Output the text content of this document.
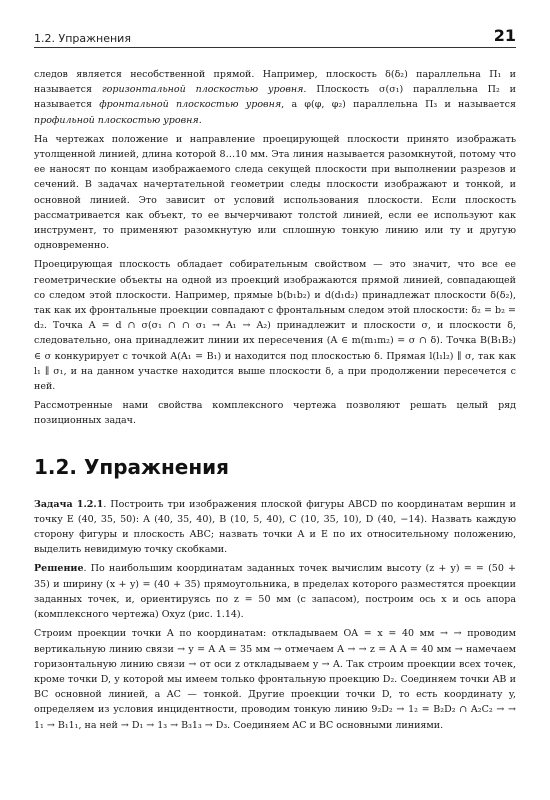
1.2. Упражнения	21

следов является несобственной прямой. Например, плоскость δ(δ₂) параллельна Π₁ и называется горизонтальной плоскостью уровня. Плоскость σ(σ₁) параллельна Π₂ и называется фронтальной плоскостью уровня, а φ(φ, φ₂) параллельна Π₃ и называется профильной плоскостью уровня.

На чертежах положение и направление проецирующей плоскости принято изображать утолщенной линией, длина которой 8…10 мм. Эта линия называется разомкнутой, потому что ее наносят по концам изображаемого следа секущей плоскости при выполнении разрезов и сечений. В задачах начертательной геометрии следы плоскости изображают и тонкой, и основной линией. Это зависит от условий использования плоскости. Если плоскость рассматривается как объект, то ее вычерчивают толстой линией, если ее используют как инструмент, то применяют разомкнутую или сплошную тонкую линию или ту и другую одновременно.

Проецирующая плоскость обладает собирательным свойством — это значит, что все ее геометрические объекты на одной из проекций изображаются прямой линией, совпадающей со следом этой плоскости. Например, прямые b(b₁b₂) и d(d₁d₂) принадлежат плоскости δ(δ₂), так как их фронтальные проекции совпадают с фронтальным следом этой плоскости: δ₂ = b₂ = d₂. Точка A = d ∩ σ(σ₁ ∩ ∩ σ₁ → A₁ → A₂) принадлежит и плоскости σ, и плоскости δ, следовательно, она принадлежит линии их пересечения (A ∈ m(m₁m₂) = σ ∩ δ). Точка B(B₁B₂) ∈ σ конкурирует с точкой A(A₁ = B₁) и находится под плоскостью δ. Прямая l(l₁l₂) ∥ σ, так как l₁ ∥ σ₁, и на данном участке находится выше плоскости δ, а при продолжении пересечется с ней.

Рассмотренные нами свойства комплексного чертежа позволяют решать целый ряд позиционных задач.

1.2. Упражнения

Задача 1.2.1. Построить три изображения плоской фигуры ABCD по координатам вершин и точку E (40, 35, 50): A (40, 35, 40), B (10, 5, 40), C (10, 35, 10), D (40, −14). Назвать каждую сторону фигуры и плоскость ABC; назвать точки A и E по их относительному положению, выделить невидимую точку скобками.

Решение. По наибольшим координатам заданных точек вычислим высоту (z + y) = = (50 + 35) и ширину (x + y) = (40 + 35) прямоугольника, в пределах которого разместятся проекции заданных точек, и, ориентируясь по z = 50 мм (с запасом), построим ось x и ось апора (комплексного чертежа) Oxyz (рис. 1.14).

Строим проекции точки A по координатам: откладываем OA = x = 40 мм → → проводим вертикальную линию связи → y = A A = 35 мм → отмечаем A → → z = A A = 40 мм → намечаем горизонтальную линию связи → от оси z откладываем y → A. Так строим проекции всех точек, кроме точки D, у которой мы имеем только фронтальную проекцию D₂. Соединяем точки AB и BC основной линией, а AC — тонкой. Другие проекции точки D, то есть координату y, определяем из условия инцидентности, проводим тонкую линию 9₂D₂ → 1₂ = B₂D₂ ∩ A₂C₂ → → 1₁ → B₁1₁, на ней → D₁ → 1₃ → B₃1₃ → D₃. Соединяем AC и BC основными линиями.
